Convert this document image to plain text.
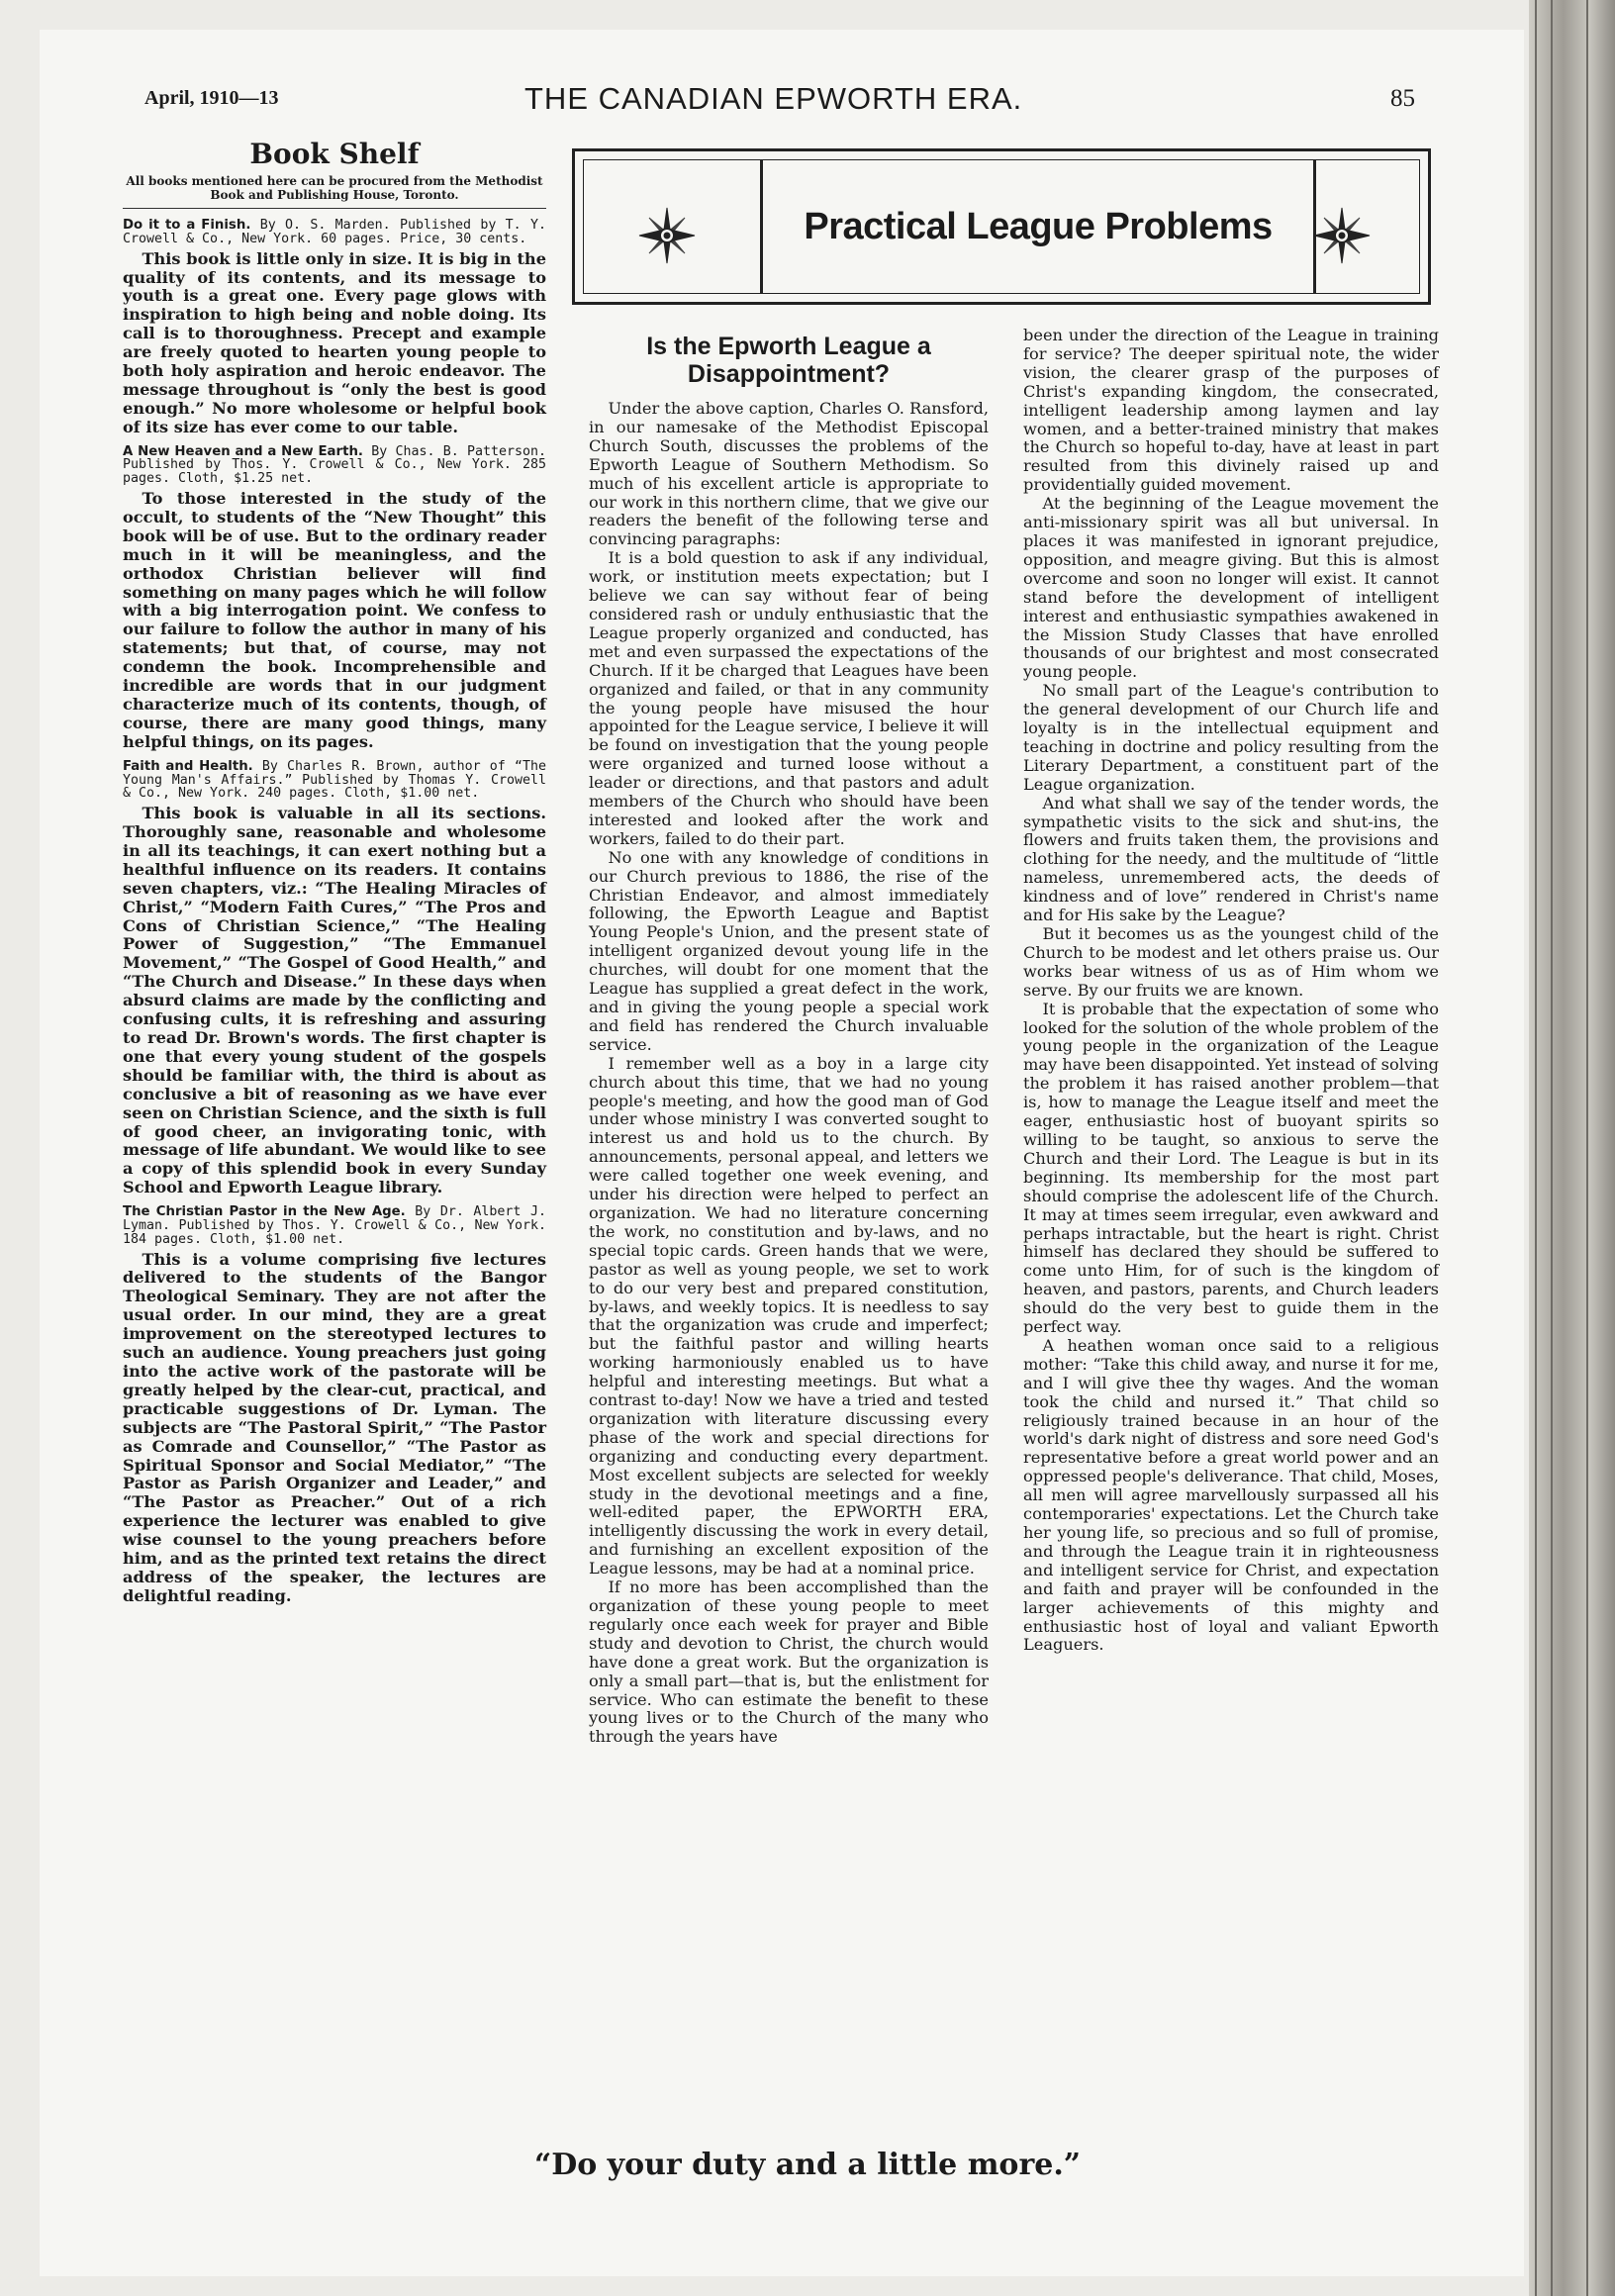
April, 1910—13	THE CANADIAN EPWORTH ERA.	85
Book Shelf
All books mentioned here can be procured from the Methodist Book and Publishing House, Toronto.
Do it to a Finish. By O. S. Marden. Published by T. Y. Crowell & Co., New York. 60 pages. Price, 30 cents.

This book is little only in size. It is big in the quality of its contents, and its message to youth is a great one. Every page glows with inspiration to high being and noble doing. Its call is to thoroughness. Precept and example are freely quoted to hearten young people to both holy aspiration and heroic endeavor. The message throughout is “only the best is good enough.” No more wholesome or helpful book of its size has ever come to our table.

A New Heaven and a New Earth. By Chas. B. Patterson. Published by Thos. Y. Crowell & Co., New York. 285 pages. Cloth, $1.25 net.

To those interested in the study of the occult, to students of the “New Thought” this book will be of use. But to the ordinary reader much in it will be meaningless, and the orthodox Christian believer will find something on many pages which he will follow with a big interrogation point. We confess to our failure to follow the author in many of his statements; but that, of course, may not condemn the book. Incomprehensible and incredible are words that in our judgment characterize much of its contents, though, of course, there are many good things, many helpful things, on its pages.

Faith and Health. By Charles R. Brown, author of “The Young Man's Affairs.” Published by Thomas Y. Crowell & Co., New York. 240 pages. Cloth, $1.00 net.

This book is valuable in all its sections. Thoroughly sane, reasonable and wholesome in all its teachings, it can exert nothing but a healthful influence on its readers. It contains seven chapters, viz.: “The Healing Miracles of Christ,” “Modern Faith Cures,” “The Pros and Cons of Christian Science,” “The Healing Power of Suggestion,” “The Emmanuel Movement,” “The Gospel of Good Health,” and “The Church and Disease.” In these days when absurd claims are made by the conflicting and confusing cults, it is refreshing and assuring to read Dr. Brown's words. The first chapter is one that every young student of the gospels should be familiar with, the third is about as conclusive a bit of reasoning as we have ever seen on Christian Science, and the sixth is full of good cheer, an invigorating tonic, with message of life abundant. We would like to see a copy of this splendid book in every Sunday School and Epworth League library.

The Christian Pastor in the New Age. By Dr. Albert J. Lyman. Published by Thos. Y. Crowell & Co., New York. 184 pages. Cloth, $1.00 net.

This is a volume comprising five lectures delivered to the students of the Bangor Theological Seminary. They are not after the usual order. In our mind, they are a great improvement on the stereotyped lectures to such an audience. Young preachers just going into the active work of the pastorate will be greatly helped by the clear-cut, practical, and practicable suggestions of Dr. Lyman. The subjects are “The Pastoral Spirit,” “The Pastor as Comrade and Counsellor,” “The Pastor as Spiritual Sponsor and Social Mediator,” “The Pastor as Parish Organizer and Leader,” and “The Pastor as Preacher.” Out of a rich experience the lecturer was enabled to give wise counsel to the young preachers before him, and as the printed text retains the direct address of the speaker, the lectures are delightful reading.

Practical League Problems
Is the Epworth League a Disappointment?

Under the above caption, Charles O. Ransford, in our namesake of the Methodist Episcopal Church South, discusses the problems of the Epworth League of Southern Methodism. So much of his excellent article is appropriate to our work in this northern clime, that we give our readers the benefit of the following terse and convincing paragraphs:

It is a bold question to ask if any individual, work, or institution meets expectation; but I believe we can say without fear of being considered rash or unduly enthusiastic that the League properly organized and conducted, has met and even surpassed the expectations of the Church. If it be charged that Leagues have been organized and failed, or that in any community the young people have misused the hour appointed for the League service, I believe it will be found on investigation that the young people were organized and turned loose without a leader or directions, and that pastors and adult members of the Church who should have been interested and looked after the work and workers, failed to do their part.

No one with any knowledge of conditions in our Church previous to 1886, the rise of the Christian Endeavor, and almost immediately following, the Epworth League and Baptist Young People's Union, and the present state of intelligent organized devout young life in the churches, will doubt for one moment that the League has supplied a great defect in the work, and in giving the young people a special work and field has rendered the Church invaluable service.

I remember well as a boy in a large city church about this time, that we had no young people's meeting, and how the good man of God under whose ministry I was converted sought to interest us and hold us to the church. By announcements, personal appeal, and letters we were called together one week evening, and under his direction were helped to perfect an organization. We had no literature concerning the work, no constitution and by-laws, and no special topic cards. Green hands that we were, pastor as well as young people, we set to work to do our very best and prepared constitution, by-laws, and weekly topics. It is needless to say that the organization was crude and imperfect; but the faithful pastor and willing hearts working harmoniously enabled us to have helpful and interesting meetings. But what a contrast to-day! Now we have a tried and tested organization with literature discussing every phase of the work and special directions for organizing and conducting every department. Most excellent subjects are selected for weekly study in the devotional meetings and a fine, well-edited paper, the EPWORTH ERA, intelligently discussing the work in every detail, and furnishing an excellent exposition of the League lessons, may be had at a nominal price.

If no more has been accomplished than the organization of these young people to meet regularly once each week for prayer and Bible study and devotion to Christ, the church would have done a great work. But the organization is only a small part—that is, but the enlistment for service. Who can estimate the benefit to these young lives or to the Church of the many who through the years have

been under the direction of the League in training for service? The deeper spiritual note, the wider vision, the clearer grasp of the purposes of Christ's expanding kingdom, the consecrated, intelligent leadership among laymen and lay women, and a better-trained ministry that makes the Church so hopeful to-day, have at least in part resulted from this divinely raised up and providentially guided movement.

At the beginning of the League movement the anti-missionary spirit was all but universal. In places it was manifested in ignorant prejudice, opposition, and meagre giving. But this is almost overcome and soon no longer will exist. It cannot stand before the development of intelligent interest and enthusiastic sympathies awakened in the Mission Study Classes that have enrolled thousands of our brightest and most consecrated young people.

No small part of the League's contribution to the general development of our Church life and loyalty is in the intellectual equipment and teaching in doctrine and policy resulting from the Literary Department, a constituent part of the League organization.

And what shall we say of the tender words, the sympathetic visits to the sick and shut-ins, the flowers and fruits taken them, the provisions and clothing for the needy, and the multitude of “little nameless, unremembered acts, the deeds of kindness and of love” rendered in Christ's name and for His sake by the League?

But it becomes us as the youngest child of the Church to be modest and let others praise us. Our works bear witness of us as of Him whom we serve. By our fruits we are known.

It is probable that the expectation of some who looked for the solution of the whole problem of the young people in the organization of the League may have been disappointed. Yet instead of solving the problem it has raised another problem—that is, how to manage the League itself and meet the eager, enthusiastic host of buoyant spirits so willing to be taught, so anxious to serve the Church and their Lord. The League is but in its beginning. Its membership for the most part should comprise the adolescent life of the Church. It may at times seem irregular, even awkward and perhaps intractable, but the heart is right. Christ himself has declared they should be suffered to come unto Him, for of such is the kingdom of heaven, and pastors, parents, and Church leaders should do the very best to guide them in the perfect way.

A heathen woman once said to a religious mother: “Take this child away, and nurse it for me, and I will give thee thy wages. And the woman took the child and nursed it.” That child so religiously trained because in an hour of the world's dark night of distress and sore need God's representative before a great world power and an oppressed people's deliverance. That child, Moses, all men will agree marvellously surpassed all his contemporaries' expectations. Let the Church take her young life, so precious and so full of promise, and through the League train it in righteousness and intelligent service for Christ, and expectation and faith and prayer will be confounded in the larger achievements of this mighty and enthusiastic host of loyal and valiant Epworth Leaguers.

“Do your duty and a little more.”
